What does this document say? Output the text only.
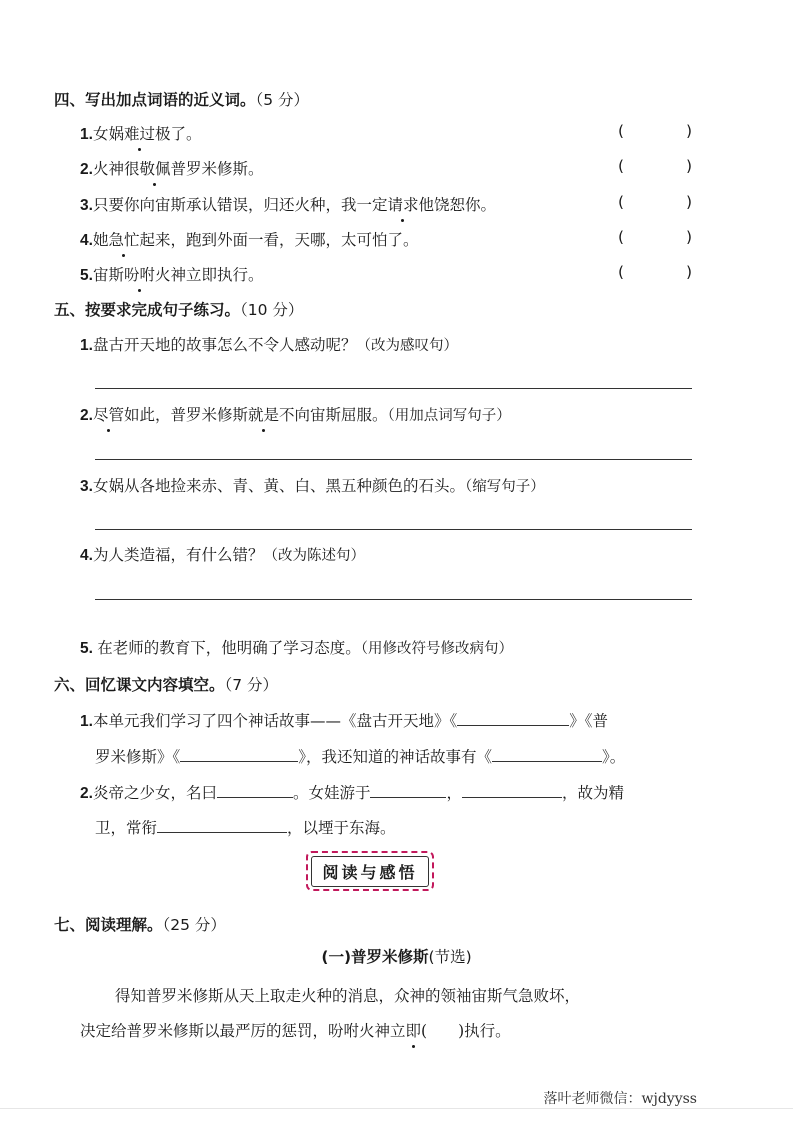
四、写出加点词语的近义词。（5 分）
1.女娲难过极了。	(	)
2.火神很敬佩普罗米修斯。	(	)
3.只要你向宙斯承认错误，归还火种，我一定请求他饶恕你。	(	)
4.她急忙起来，跑到外面一看，天哪，太可怕了。	(	)
5.宙斯吩咐火神立即执行。	(	)
五、按要求完成句子练习。（10 分）
1.盘古开天地的故事怎么不令人感动呢？（改为感叹句）
2.尽管如此，普罗米修斯就是不向宙斯屈服。（用加点词写句子）
3.女娲从各地捡来赤、青、黄、白、黑五种颜色的石头。（缩写句子）
4.为人类造福，有什么错？（改为陈述句）
5. 在老师的教育下，他明确了学习态度。（用修改符号修改病句）
六、回忆课文内容填空。（7 分）
1.本单元我们学习了四个神话故事——《盘古开天地》《	》《普
罗米修斯》《	》，我还知道的神话故事有《	》。
2.炎帝之少女，名曰	。女娃游于	，	，故为精
卫，常衔	，以堙于东海。
阅读与感悟
七、阅读理解。（25 分）
(一)普罗米修斯(节选)
得知普罗米修斯从天上取走火种的消息，众神的领袖宙斯气急败坏，
决定给普罗米修斯以最严厉的惩罚，吩咐火神立即(　　)执行。
落叶老师微信：wjdyyss
